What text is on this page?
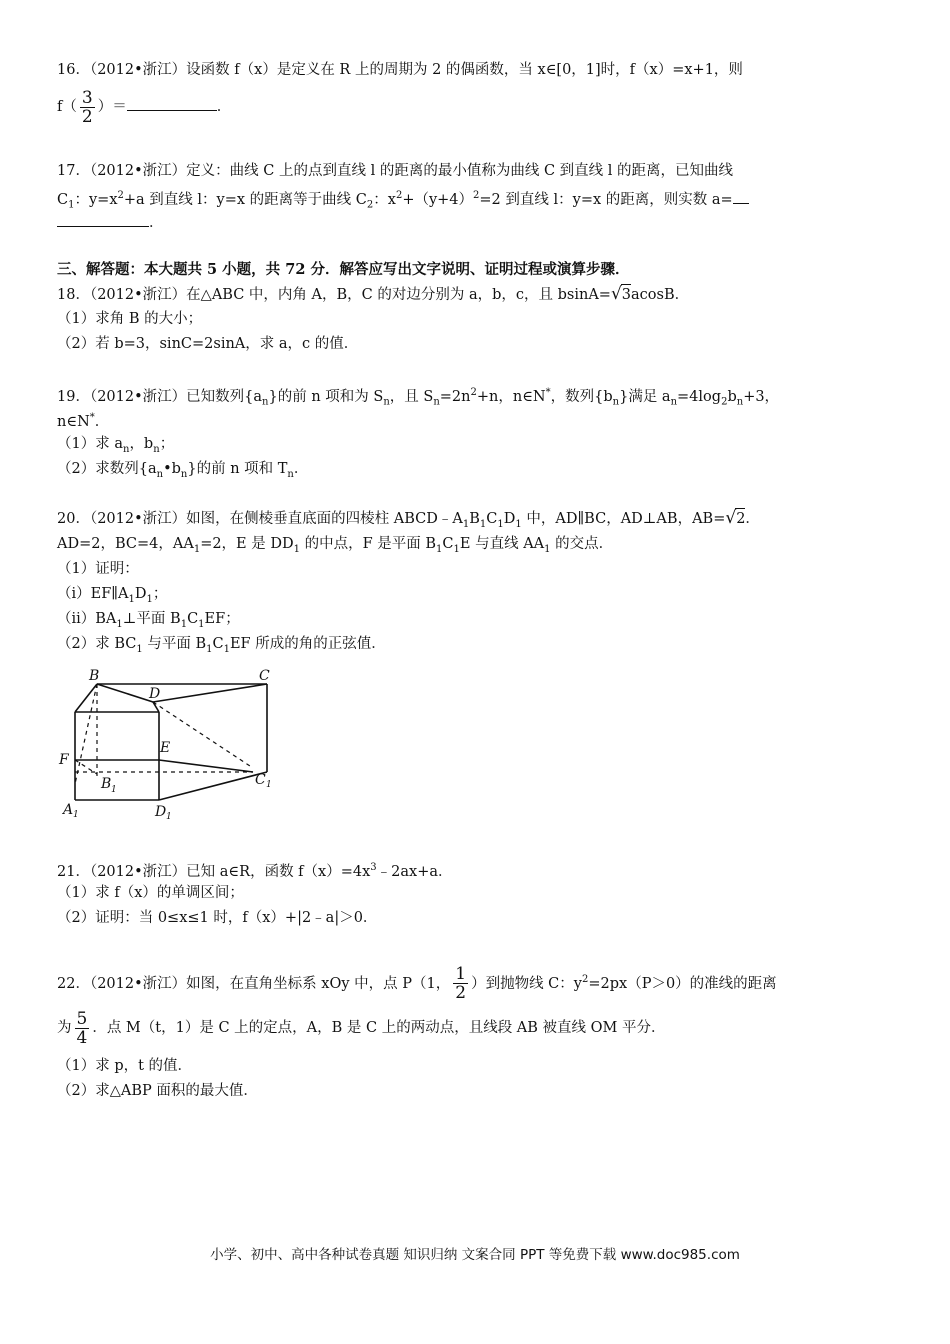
16．（2012•浙江）设函数 f（x）是定义在 R 上的周期为 2 的偶函数，当 x∈[0，1]时，f（x）=x+1，则
$f( \frac{3}{2}$ ）＝	．
17．（2012•浙江）定义：曲线 C 上的点到直线 l 的距离的最小值称为曲线 C 到直线 l 的距离，已知曲线
$C_1$：$y=x^2+a$ 到直线 l：y=x 的距离等于曲线 $C_2$：$x^2+(y+4)^2=2$ 到直线 l：y=x 的距离，则实数 a=
．
三、解答题：本大题共 5 小题，共 72 分．解答应写出文字说明、证明过程或演算步骤．
18．（2012•浙江）在△ABC 中，内角 A，B，C 的对边分别为 a，b，c，且 bsinA=√3acosB．
（1）求角 B 的大小；
（2）若 b=3，sinC=2sinA，求 a，c 的值．
19．（2012•浙江）已知数列$\{a_n\}$的前 n 项和为 $S_n$，且 $S_n=2n^2+n$，n∈N*，数列$\{b_n\}$满足 $a_n=4\log_2b_n+3$，
n∈N*．
（1）求 $a_n$，$b_n$；
（2）求数列$\{a_n•b_n\}$的前 n 项和 $T_n$．
20．（2012•浙江）如图，在侧棱垂直底面的四棱柱 $ABCD﹣A_1B_1C_1D_1$ 中，AD∥BC，AD⊥AB，AB=√2．
AD=2，BC=4，$AA_1=2$，E 是 $DD_1$ 的中点，F 是平面 $B_1C_1E$ 与直线 $AA_1$ 的交点．
（1）证明：
$(i)EF\parallel A_1D_1$；
$(ii)BA_1\perp$平面 $B_1C_1EF$；
（2）求 $BC_1$ 与平面 $B_1C_1EF$ 所成的角的正弦值．
B
D
C
E
F
B 1
C 1
A 1	D 1
21．（2012•浙江）已知 a∈R，函数 $f(x)=4x^3﹣2ax+a$．
（1）求 f（x）的单调区间；
（2）证明：当 0≤x≤1 时，f（x）+|2﹣a|＞0．
22．（2012•浙江）如图，在直角坐标系 xOy 中，点 P（1， $\frac{1}{2}$ ）到抛物线 C：$y^2=2px(P>0)$的准线的距离
为 $\frac{5}{4}$ ．点 M（t，1）是 C 上的定点，A，B 是 C 上的两动点，且线段 AB 被直线 OM 平分．
（1）求 p，t 的值．
（2）求△ABP 面积的最大值．
小学、初中、高中各种试卷真题 知识归纳 文案合同 PPT 等免费下载 www.doc985.com
